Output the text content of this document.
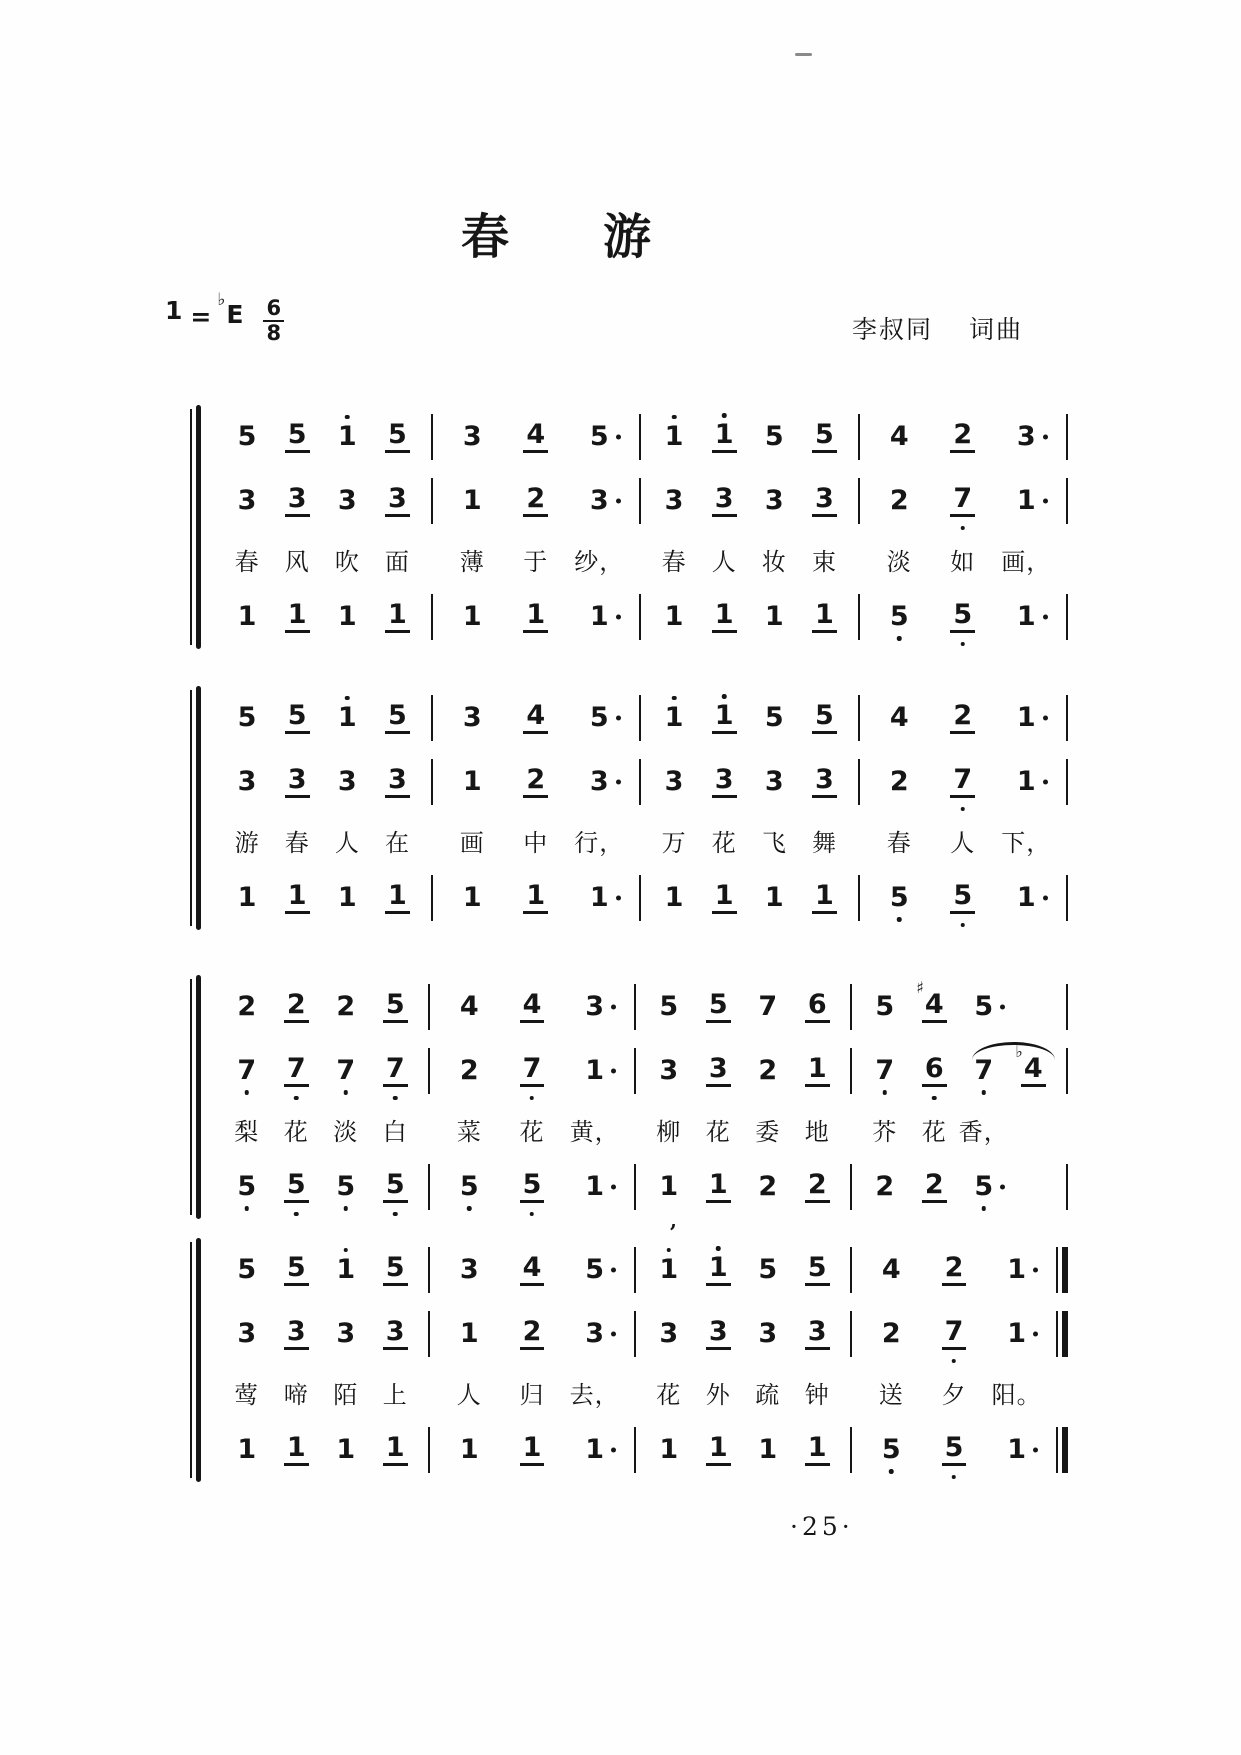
春 游
1 =
♭ E 6
8	李叔同 词曲
5 5 1 5 3 4 5 1 1 5 5 4 2 3
3 3 3 3 1 2 3 3 3 3 3 2 7 1
春 风 吹 面 薄 于 纱， 春 人 妆 束 淡 如 画，
1 1 1 1 1 1 1 1 1 1 1 5 5 1
5 5 1 5 3 4 5 1 1 5 5 4 2 1
3 3 3 3 1 2 3 3 3 3 3 2 7 1
游 春 人 在 画 中 行， 万 花 飞 舞 春 人 下，
1 1 1 1 1 1 1 1 1 1 1 5 5 1
2 2 2 5 4 4 3 5 5 7 6 5
♯
4 5
7 7 7 7 2 7 1 3 3 2 1 7 6 7
♭
4
梨 花 淡 白 菜 花 黄， 柳 花 委 地 芥 花 香，
5 5 5 5 5 5 1 1
,
1 2 2 2 2 5
5 5 1 5 3 4 5 1 1 5 5 4 2 1
3 3 3 3 1 2 3 3 3 3 3 2 7 1
莺 啼 陌 上 人 归 去， 花 外 疏 钟 送 夕 阳。
1 1 1 1 1 1 1 1 1 1 1 5 5 1
·25·
